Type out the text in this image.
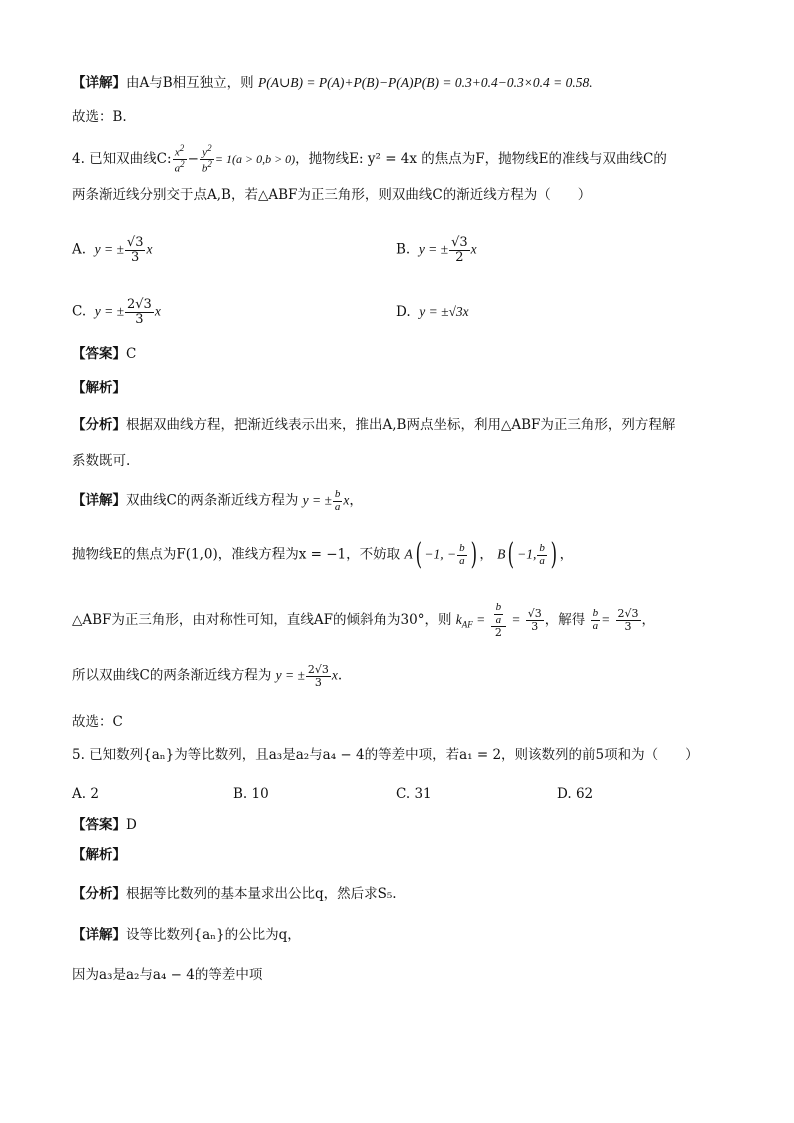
【详解】由A与B相互独立，则 P(A∪B) = P(A)+P(B)−P(A)P(B) = 0.3+0.4−0.3×0.4 = 0.58.
故选：B.
4. 已知双曲线C: $\frac{x^2}{a^2} - \frac{y^2}{b^2} = 1(a > 0,b > 0)$，抛物线E: y² = 4x 的焦点为F，抛物线E的准线与双曲线C的
两条渐近线分别交于点A,B，若△ABF为正三角形，则双曲线C的渐近线方程为（　　）
A. y = ± $\frac{√3}{3}$ x	B. y = ± $\frac{√3}{2}$ x
C. y = ± $\frac{2√3}{3}$ x	D. y = ±√3x
【答案】C
【解析】
【分析】根据双曲线方程，把渐近线表示出来，推出A,B两点坐标，利用△ABF为正三角形，列方程解
系数既可.
【详解】双曲线C的两条渐近线方程为 y = ± $\frac{b}{a}$ x，
抛物线E的焦点为F(1,0)，准线方程为x = −1，不妨取 A( −1, − $\frac{b}{a}$ ) ， B( −1, $\frac{b}{a}$ ) ，
△ABF为正三角形，由对称性可知，直线AF的倾斜角为30°，则 $k_{AF} = \frac{\frac{b}{a}}{2} = \frac{√3}{3}$ ，解得 $\frac{b}{a} = \frac{2√3}{3}$ ，
所以双曲线C的两条渐近线方程为 y = ± $\frac{2√3}{3} x$.
故选：C
5. 已知数列{aₙ}为等比数列，且a₃是a₂与a₄ − 4的等差中项，若a₁ = 2，则该数列的前5项和为（　　）
A. 2	B. 10	C. 31	D. 62
【答案】D
【解析】
【分析】根据等比数列的基本量求出公比q，然后求S₅.
【详解】设等比数列{aₙ}的公比为q，
因为a₃是a₂与a₄ − 4的等差中项
